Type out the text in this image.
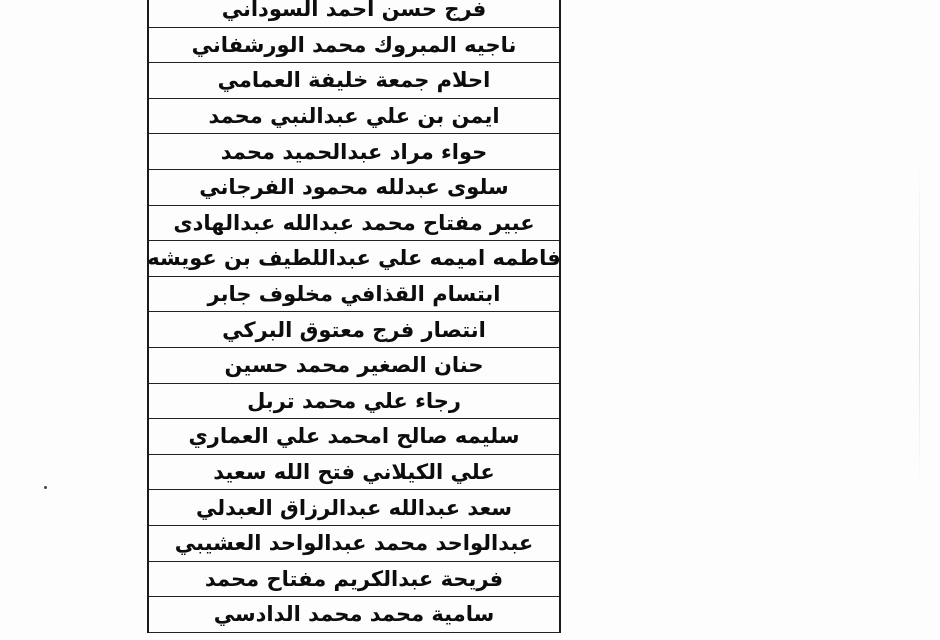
فرج حسن احمد السوداني
ناجيه المبروك محمد الورشفاني
احلام جمعة خليفة العمامي
ايمن بن علي عبدالنبي محمد
حواء مراد عبدالحميد محمد
سلوى عبدلله محمود الفرجاني
عبير مفتاح محمد عبدالله عبدالهادى
فاطمه اميمه علي عبداللطيف بن عويشه
ابتسام القذافي مخلوف جابر
انتصار فرج معتوق البركي
حنان الصغير محمد حسين
رجاء علي محمد تربل
سليمه صالح امحمد علي العماري
علي الكيلاني فتح الله سعيد
سعد عبدالله عبدالرزاق العبدلي
عبدالواحد محمد عبدالواحد العشيبي
فريحة عبدالكريم مفتاح محمد
سامية محمد محمد الدادسي
